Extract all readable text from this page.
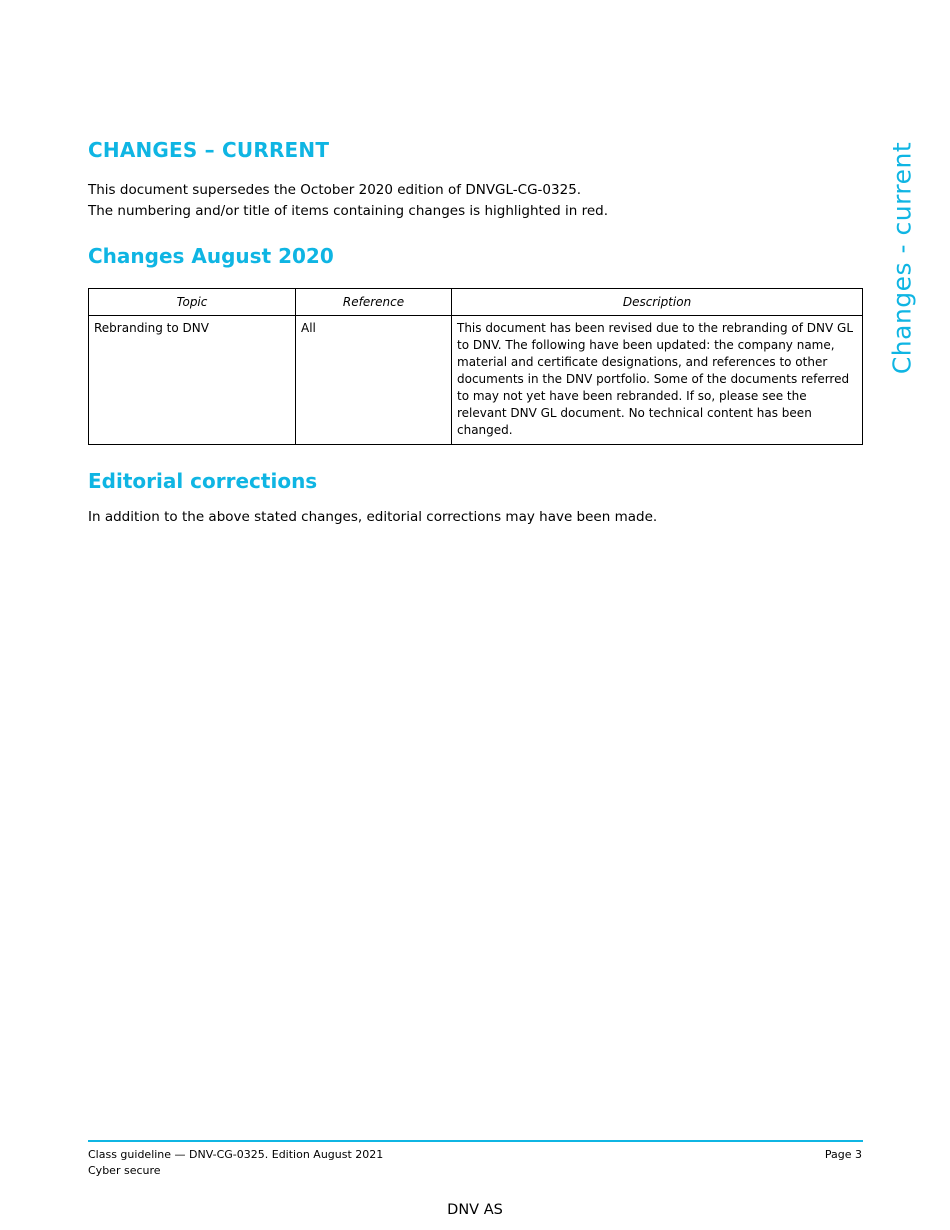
CHANGES – CURRENT
This document supersedes the October 2020 edition of DNVGL-CG-0325.
The numbering and/or title of items containing changes is highlighted in red.
Changes August 2020
Topic	Reference	Description
Rebranding to DNV	All	This document has been revised due to the rebranding of DNV GL to DNV. The following have been updated: the company name, material and certificate designations, and references to other documents in the DNV portfolio. Some of the documents referred to may not yet have been rebranded. If so, please see the relevant DNV GL document. No technical content has been changed.
Editorial corrections
In addition to the above stated changes, editorial corrections may have been made.
Changes - current
Class guideline — DNV-CG-0325. Edition August 2021
Cyber secure
Page 3
DNV AS
